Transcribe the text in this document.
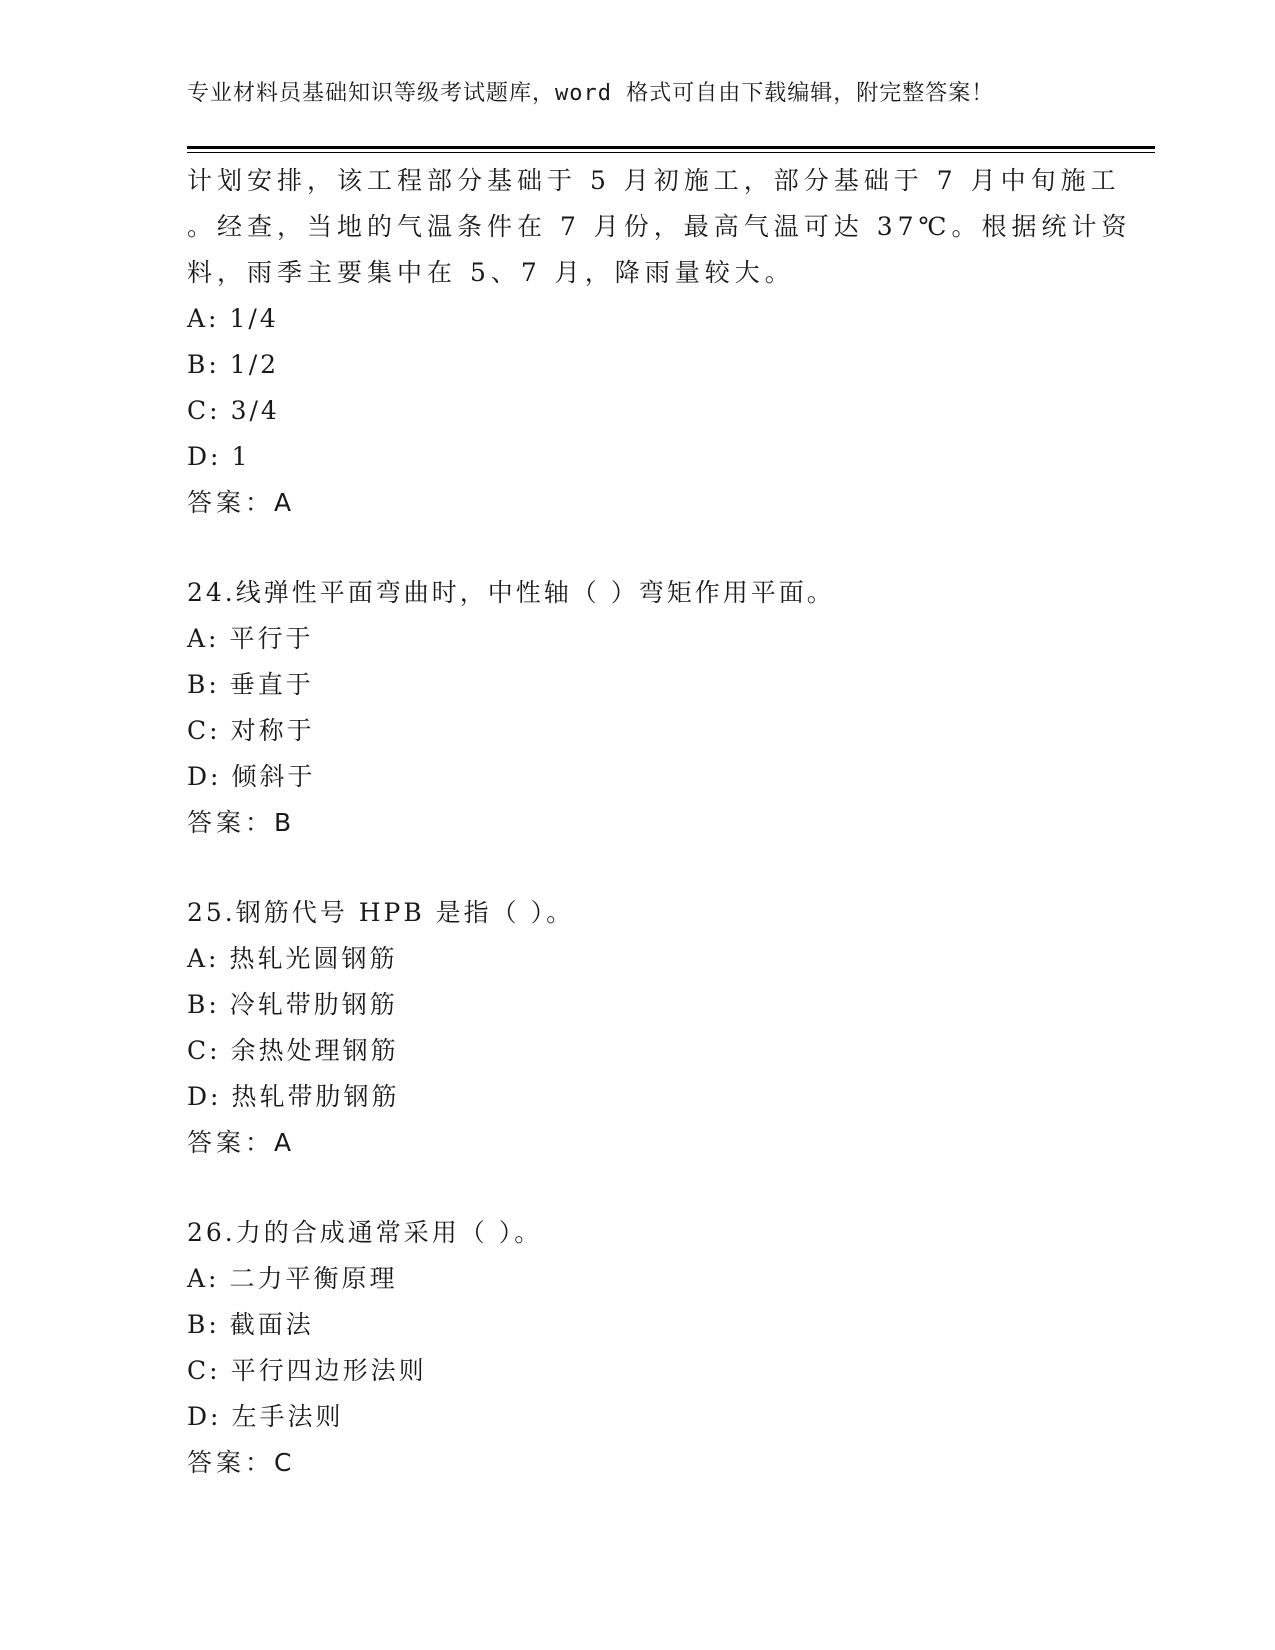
专业材料员基础知识等级考试题库，word 格式可自由下载编辑，附完整答案！
计划安排，该工程部分基础于 5 月初施工，部分基础于 7 月中旬施工
。经查，当地的气温条件在 7 月份，最高气温可达 37℃。根据统计资
料，雨季主要集中在 5、7 月，降雨量较大。
A: 1/4
B: 1/2
C: 3/4
D: 1
答案：A
24.线弹性平面弯曲时，中性轴（ ）弯矩作用平面。
A: 平行于
B: 垂直于
C: 对称于
D: 倾斜于
答案：B
25.钢筋代号 HPB 是指（ ）。
A: 热轧光圆钢筋
B: 冷轧带肋钢筋
C: 余热处理钢筋
D: 热轧带肋钢筋
答案：A
26.力的合成通常采用（ ）。
A: 二力平衡原理
B: 截面法
C: 平行四边形法则
D: 左手法则
答案：C
